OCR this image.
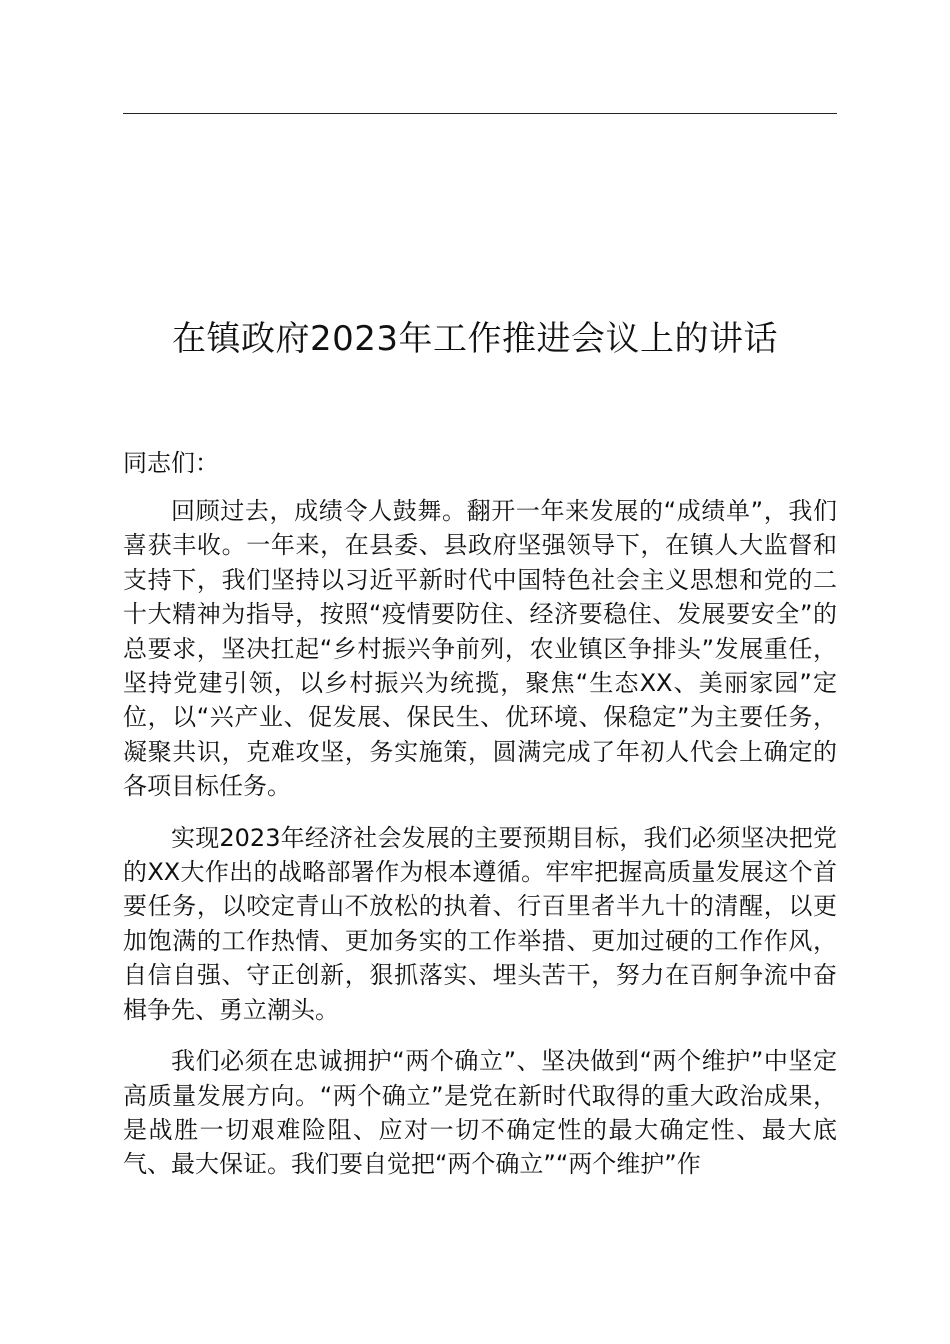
在镇政府2023年工作推进会议上的讲话

同志们：

回顾过去，成绩令人鼓舞。翻开一年来发展的“成绩单”，我们喜获丰收。一年来，在县委、县政府坚强领导下，在镇人大监督和支持下，我们坚持以习近平新时代中国特色社会主义思想和党的二十大精神为指导，按照“疫情要防住、经济要稳住、发展要安全”的总要求，坚决扛起“乡村振兴争前列，农业镇区争排头”发展重任，坚持党建引领，以乡村振兴为统揽，聚焦“生态XX、美丽家园”定位，以“兴产业、促发展、保民生、优环境、保稳定”为主要任务，凝聚共识，克难攻坚，务实施策，圆满完成了年初人代会上确定的各项目标任务。

实现2023年经济社会发展的主要预期目标，我们必须坚决把党的XX大作出的战略部署作为根本遵循。牢牢把握高质量发展这个首要任务，以咬定青山不放松的执着、行百里者半九十的清醒，以更加饱满的工作热情、更加务实的工作举措、更加过硬的工作作风，自信自强、守正创新，狠抓落实、埋头苦干，努力在百舸争流中奋楫争先、勇立潮头。

我们必须在忠诚拥护“两个确立”、坚决做到“两个维护”中坚定高质量发展方向。“两个确立”是党在新时代取得的重大政治成果，是战胜一切艰难险阻、应对一切不确定性的最大确定性、最大底气、最大保证。我们要自觉把“两个确立”“两个维护”作
